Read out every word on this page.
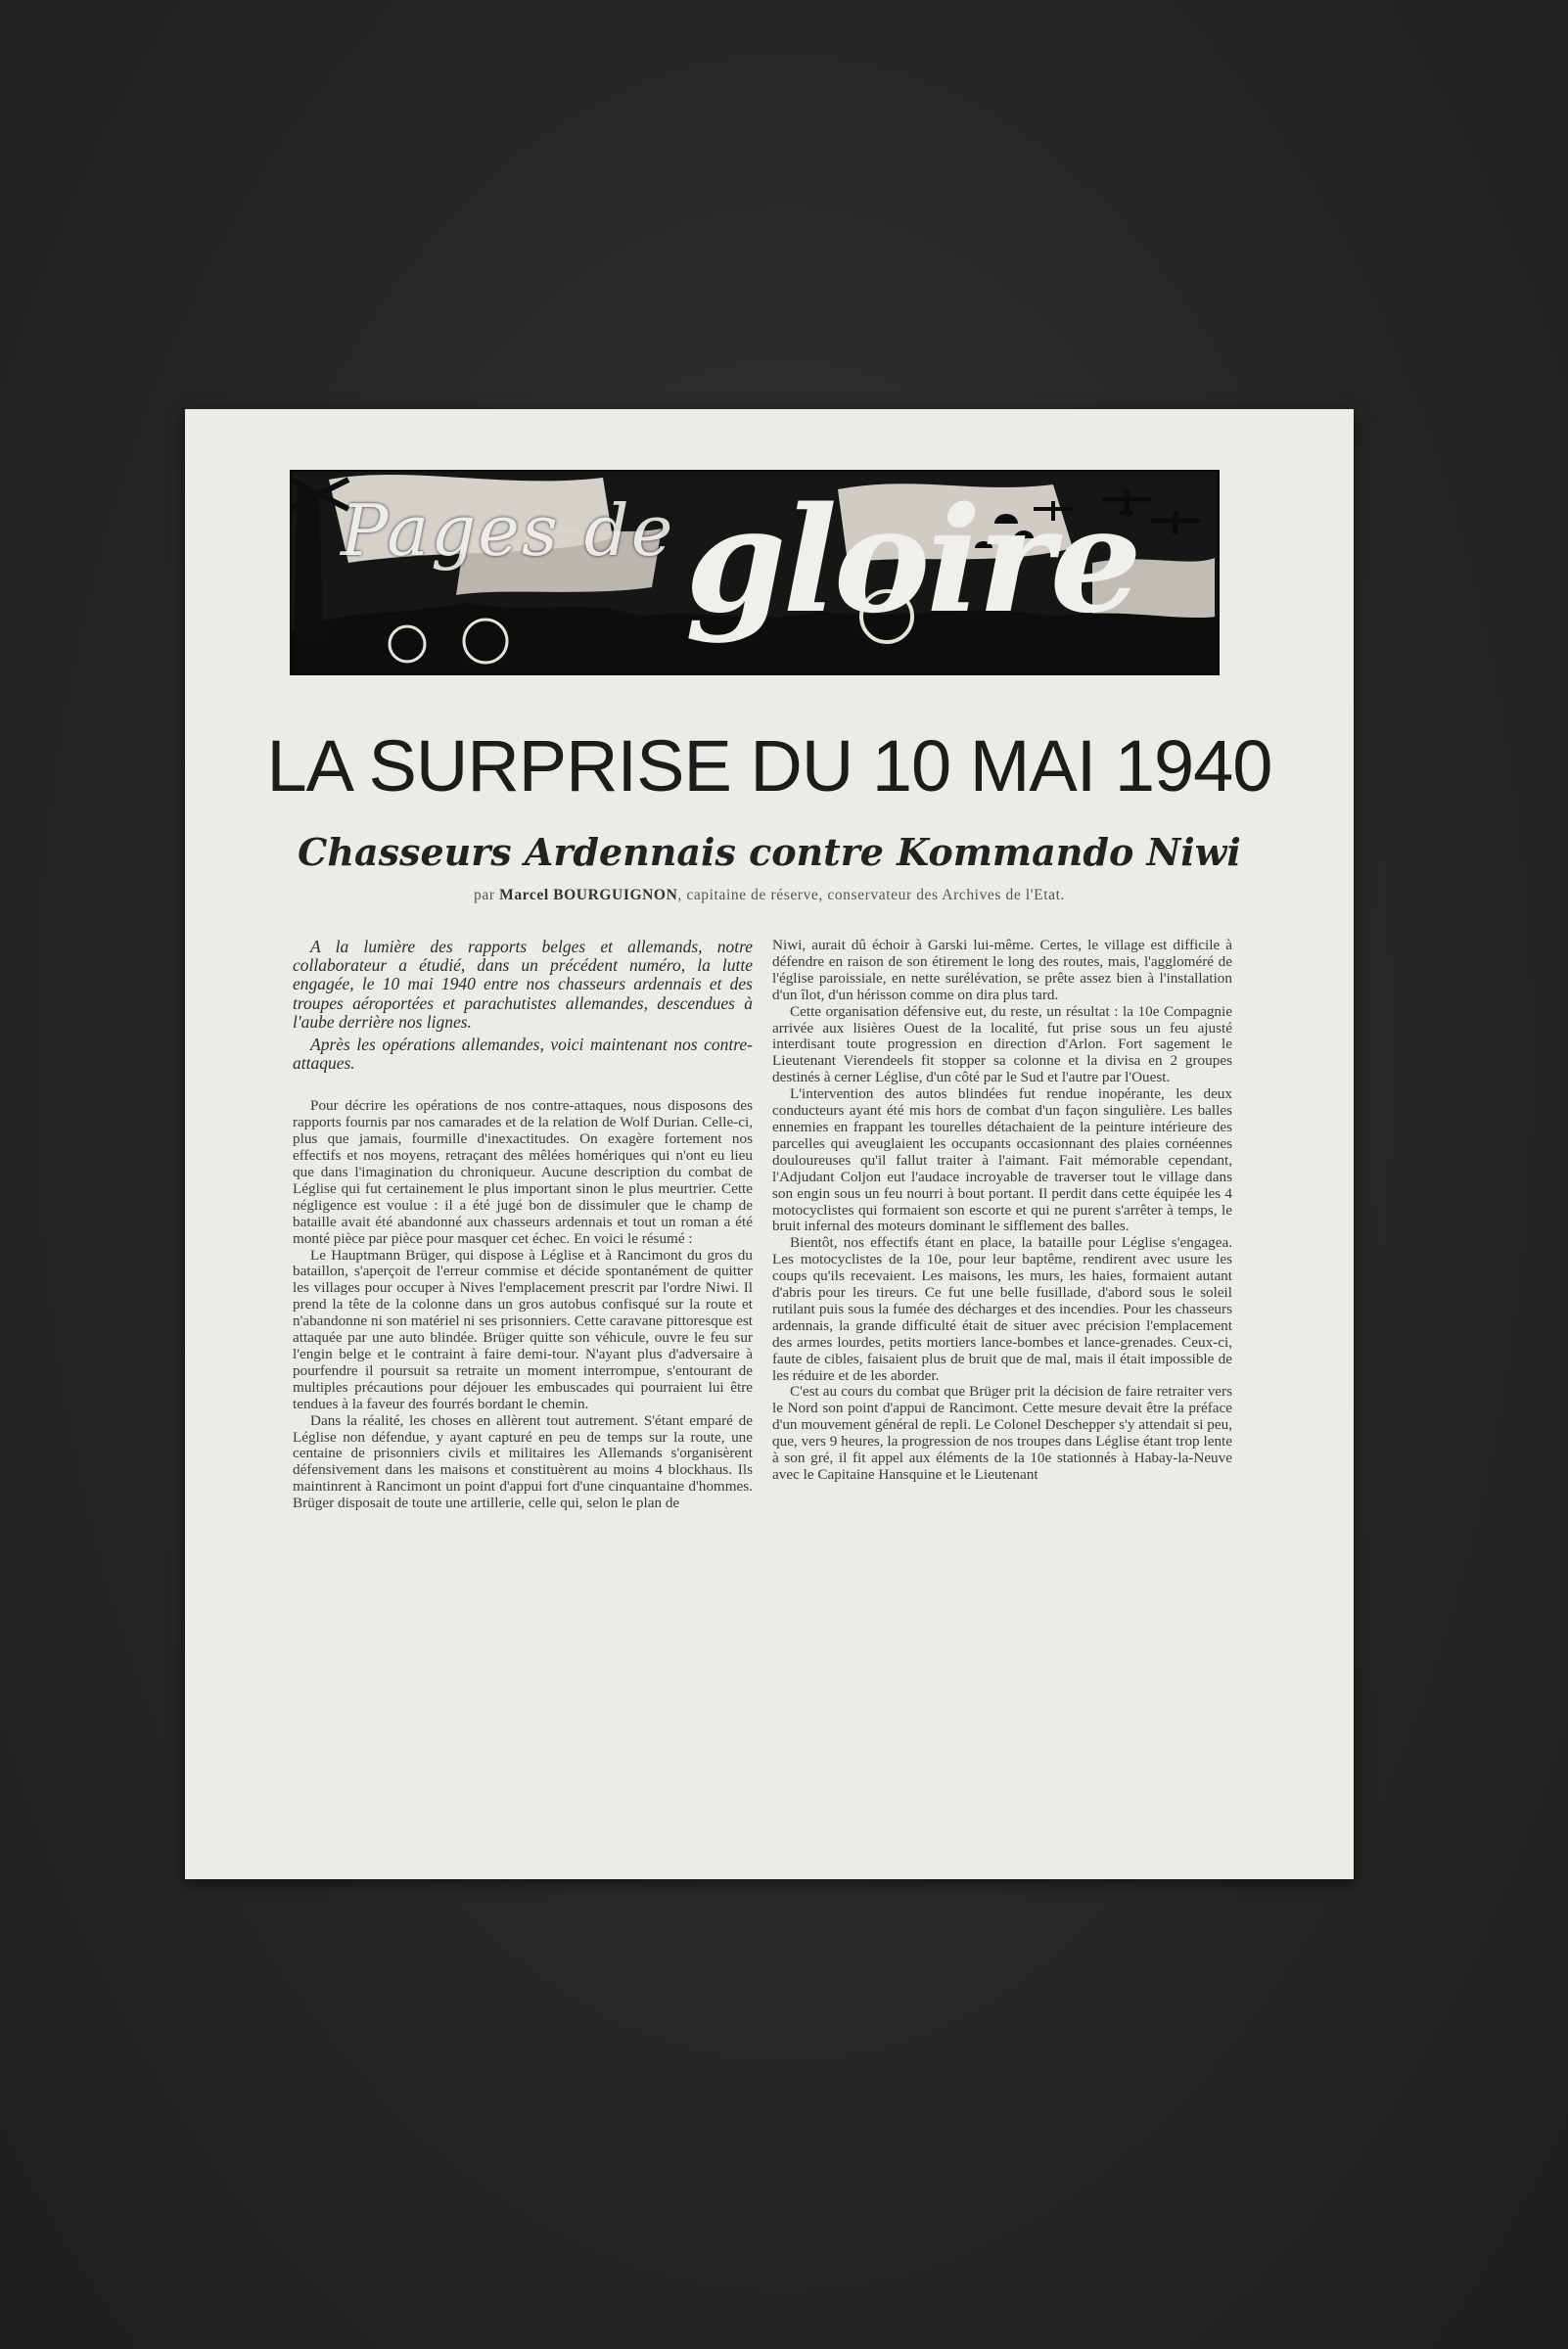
Pages de gloire
LA SURPRISE DU 10 MAI 1940
Chasseurs Ardennais contre Kommando Niwi
par Marcel BOURGUIGNON, capitaine de réserve, conservateur des Archives de l'Etat.

A la lumière des rapports belges et allemands, notre collaborateur a étudié, dans un précédent numéro, la lutte engagée, le 10 mai 1940 entre nos chasseurs ardennais et des troupes aéroportées et parachutistes allemandes, descendues à l'aube derrière nos lignes.

Après les opérations allemandes, voici maintenant nos contre-attaques.

Pour décrire les opérations de nos contre-attaques, nous disposons des rapports fournis par nos camarades et de la relation de Wolf Durian. Celle-ci, plus que jamais, fourmille d'inexactitudes. On exagère fortement nos effectifs et nos moyens, retraçant des mêlées homériques qui n'ont eu lieu que dans l'imagination du chroniqueur. Aucune description du combat de Léglise qui fut certainement le plus important sinon le plus meurtrier. Cette négligence est voulue : il a été jugé bon de dissimuler que le champ de bataille avait été abandonné aux chasseurs ardennais et tout un roman a été monté pièce par pièce pour masquer cet échec. En voici le résumé :

Le Hauptmann Brüger, qui dispose à Léglise et à Rancimont du gros du bataillon, s'aperçoit de l'erreur commise et décide spontanément de quitter les villages pour occuper à Nives l'emplacement prescrit par l'ordre Niwi. Il prend la tête de la colonne dans un gros autobus confisqué sur la route et n'abandonne ni son matériel ni ses prisonniers. Cette caravane pittoresque est attaquée par une auto blindée. Brüger quitte son véhicule, ouvre le feu sur l'engin belge et le contraint à faire demi-tour. N'ayant plus d'adversaire à pourfendre il poursuit sa retraite un moment interrompue, s'entourant de multiples précautions pour déjouer les embuscades qui pourraient lui être tendues à la faveur des fourrés bordant le chemin.

Dans la réalité, les choses en allèrent tout autrement. S'étant emparé de Léglise non défendue, y ayant capturé en peu de temps sur la route, une centaine de prisonniers civils et militaires les Allemands s'organisèrent défensivement dans les maisons et constituèrent au moins 4 blockhaus. Ils maintinrent à Rancimont un point d'appui fort d'une cinquantaine d'hommes. Brüger disposait de toute une artillerie, celle qui, selon le plan de

Niwi, aurait dû échoir à Garski lui-même. Certes, le village est difficile à défendre en raison de son étirement le long des routes, mais, l'aggloméré de l'église paroissiale, en nette surélévation, se prête assez bien à l'installation d'un îlot, d'un hérisson comme on dira plus tard.

Cette organisation défensive eut, du reste, un résultat : la 10e Compagnie arrivée aux lisières Ouest de la localité, fut prise sous un feu ajusté interdisant toute progression en direction d'Arlon. Fort sagement le Lieutenant Vierendeels fit stopper sa colonne et la divisa en 2 groupes destinés à cerner Léglise, d'un côté par le Sud et l'autre par l'Ouest.

L'intervention des autos blindées fut rendue inopérante, les deux conducteurs ayant été mis hors de combat d'un façon singulière. Les balles ennemies en frappant les tourelles détachaient de la peinture intérieure des parcelles qui aveuglaient les occupants occasionnant des plaies cornéennes douloureuses qu'il fallut traiter à l'aimant. Fait mémorable cependant, l'Adjudant Coljon eut l'audace incroyable de traverser tout le village dans son engin sous un feu nourri à bout portant. Il perdit dans cette équipée les 4 motocyclistes qui formaient son escorte et qui ne purent s'arrêter à temps, le bruit infernal des moteurs dominant le sifflement des balles.

Bientôt, nos effectifs étant en place, la bataille pour Léglise s'engagea. Les motocyclistes de la 10e, pour leur baptême, rendirent avec usure les coups qu'ils recevaient. Les maisons, les murs, les haies, formaient autant d'abris pour les tireurs. Ce fut une belle fusillade, d'abord sous le soleil rutilant puis sous la fumée des décharges et des incendies. Pour les chasseurs ardennais, la grande difficulté était de situer avec précision l'emplacement des armes lourdes, petits mortiers lance-bombes et lance-grenades. Ceux-ci, faute de cibles, faisaient plus de bruit que de mal, mais il était impossible de les réduire et de les aborder.

C'est au cours du combat que Brüger prit la décision de faire retraiter vers le Nord son point d'appui de Rancimont. Cette mesure devait être la préface d'un mouvement général de repli. Le Colonel Deschepper s'y attendait si peu, que, vers 9 heures, la progression de nos troupes dans Léglise étant trop lente à son gré, il fit appel aux éléments de la 10e stationnés à Habay-la-Neuve avec le Capitaine Hansquine et le Lieutenant
